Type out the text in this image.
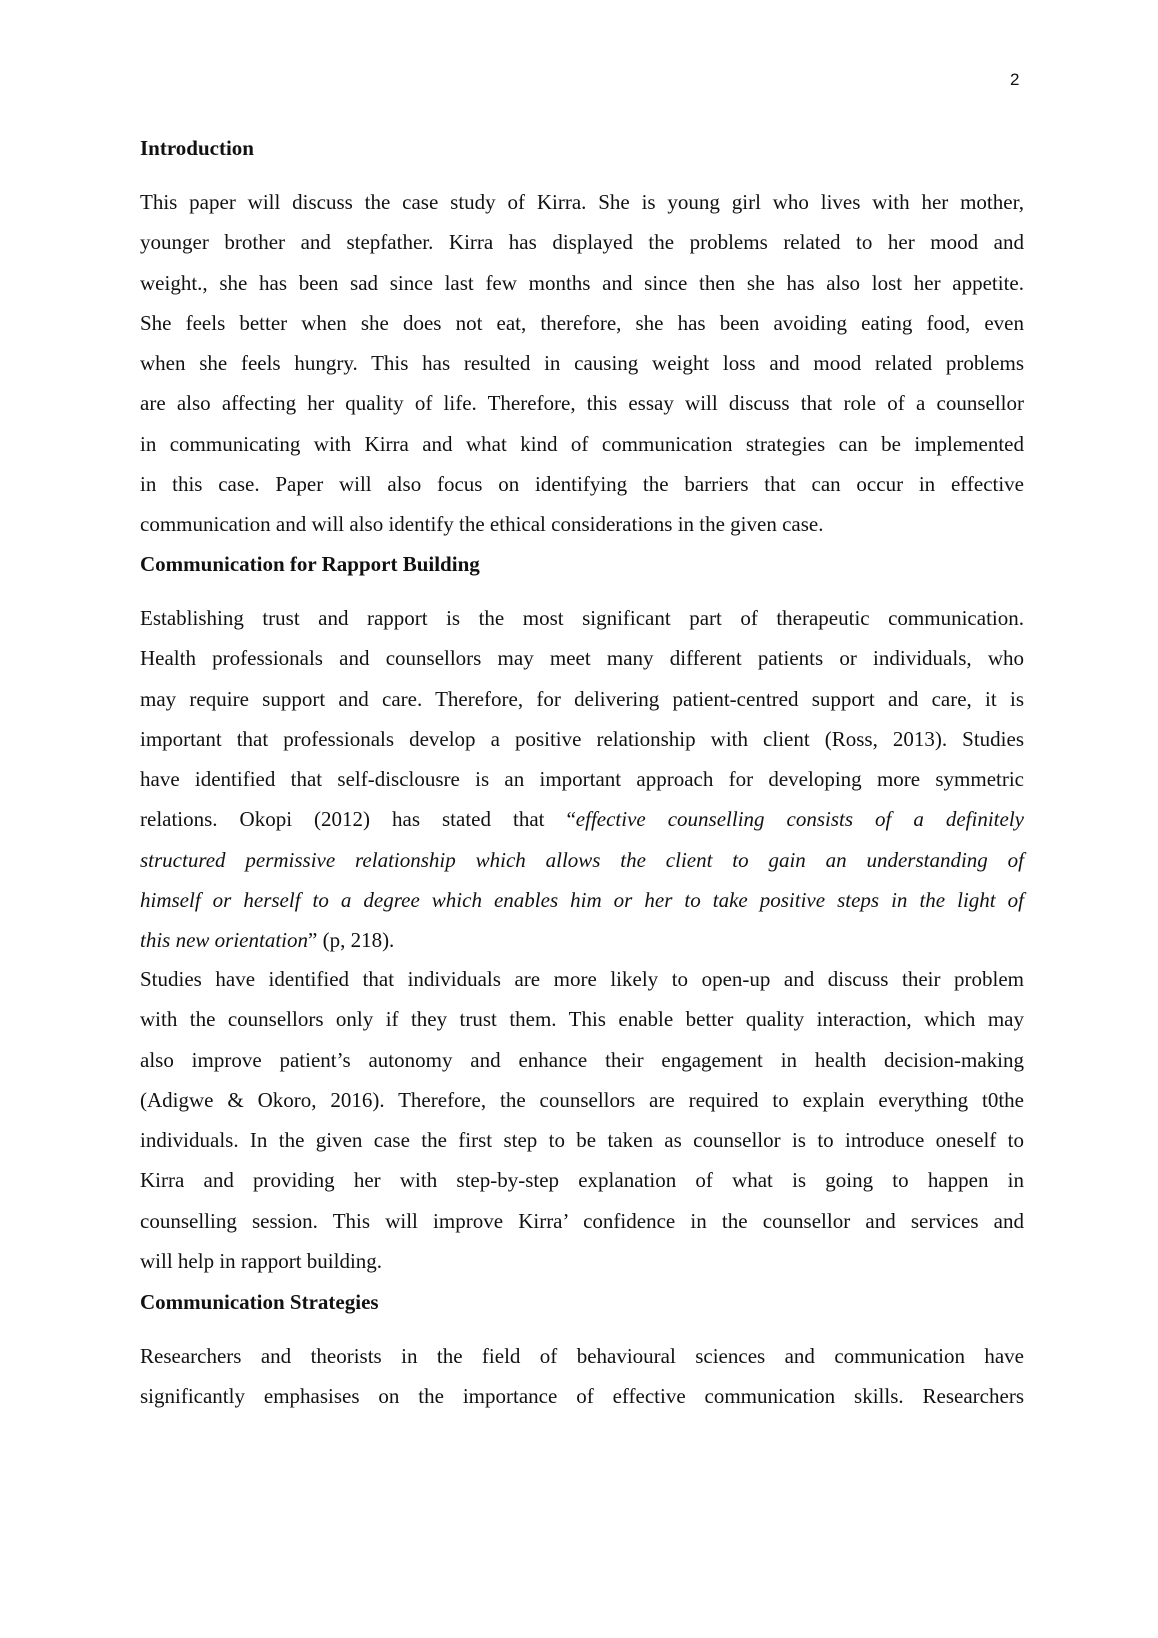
2
Introduction
This paper will discuss the case study of Kirra. She is young girl who lives with her mother,
younger brother and stepfather. Kirra has displayed the problems related to her mood and
weight., she has been sad since last few months and since then she has also lost her appetite.
She feels better when she does not eat, therefore, she has been avoiding eating food, even
when she feels hungry. This has resulted in causing weight loss and mood related problems
are also affecting her quality of life. Therefore, this essay will discuss that role of a counsellor
in communicating with Kirra and what kind of communication strategies can be implemented
in this case. Paper will also focus on identifying the barriers that can occur in effective
communication and will also identify the ethical considerations in the given case.
Communication for Rapport Building
Establishing trust and rapport is the most significant part of therapeutic communication.
Health professionals and counsellors may meet many different patients or individuals, who
may require support and care. Therefore, for delivering patient-centred support and care, it is
important that professionals develop a positive relationship with client (Ross, 2013). Studies
have identified that self-disclousre is an important approach for developing more symmetric
relations. Okopi (2012) has stated that “effective counselling consists of a definitely
structured permissive relationship which allows the client to gain an understanding of
himself or herself to a degree which enables him or her to take positive steps in the light of
this new orientation” (p, 218).
Studies have identified that individuals are more likely to open-up and discuss their problem
with the counsellors only if they trust them. This enable better quality interaction, which may
also improve patient’s autonomy and enhance their engagement in health decision-making
(Adigwe & Okoro, 2016). Therefore, the counsellors are required to explain everything t0the
individuals. In the given case the first step to be taken as counsellor is to introduce oneself to
Kirra and providing her with step-by-step explanation of what is going to happen in
counselling session. This will improve Kirra’ confidence in the counsellor and services and
will help in rapport building.
Communication Strategies
Researchers and theorists in the field of behavioural sciences and communication have
significantly emphasises on the importance of effective communication skills. Researchers
